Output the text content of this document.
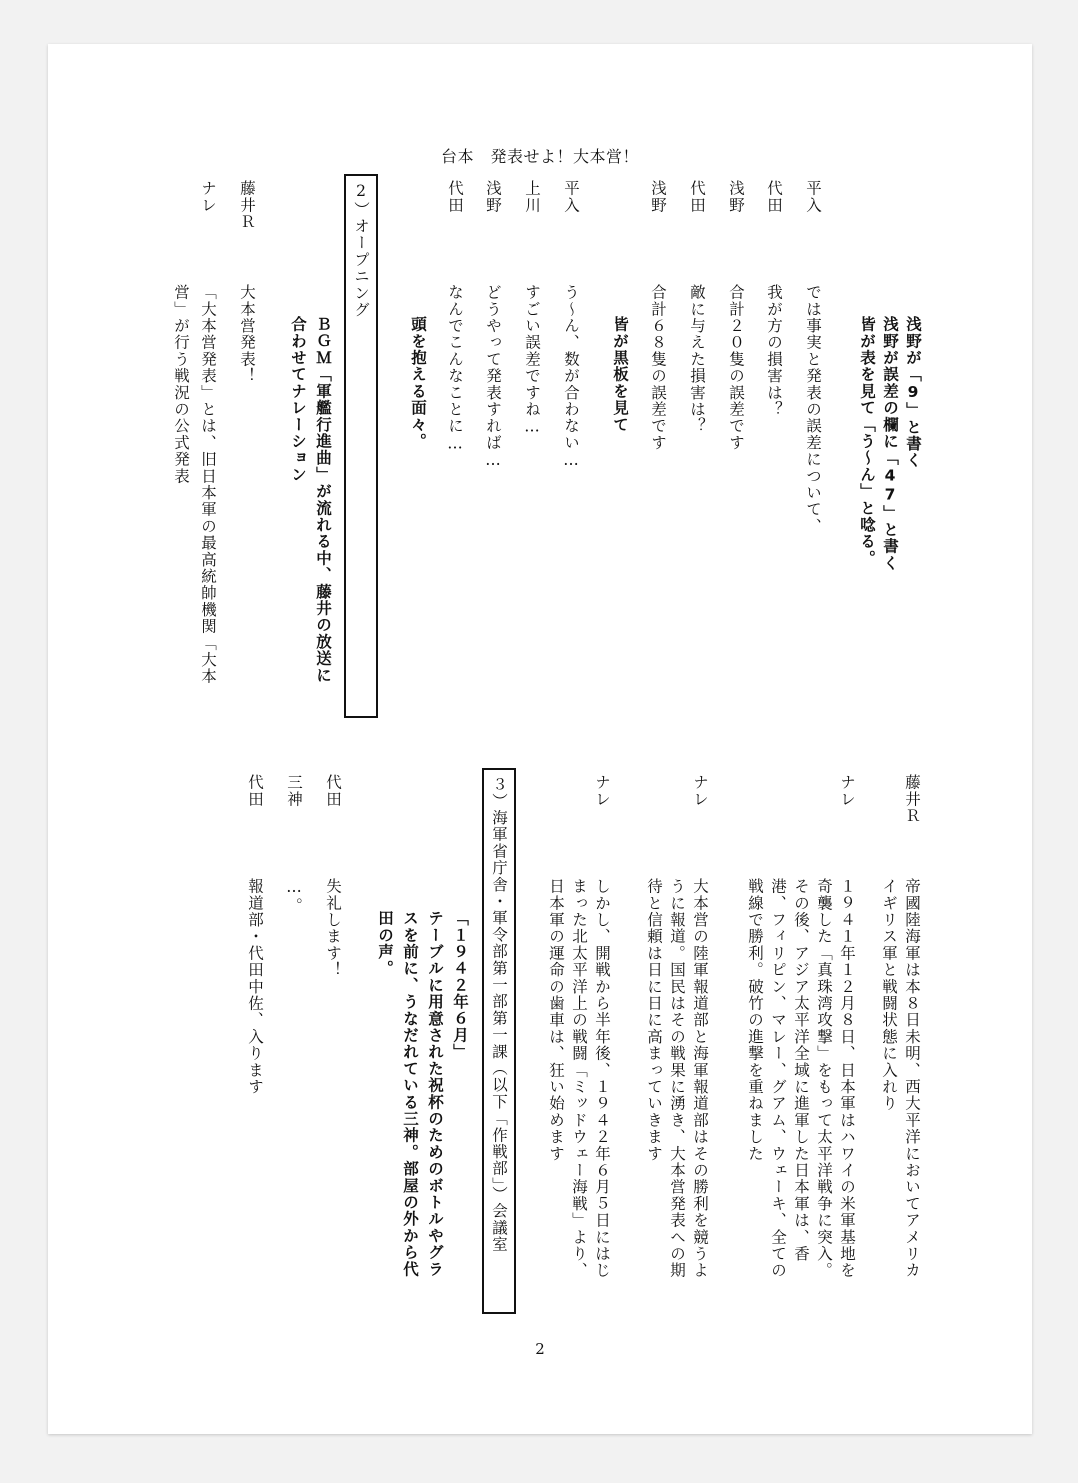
台本　発表せよ！大本営！
2
浅野が「9」と書く
浅野が誤差の欄に「47」と書く
皆が表を見て「う〜ん」と唸る。
平入
では事実と発表の誤差について、
代田
我が方の損害は？
浅野
合計２０隻の誤差です
代田
敵に与えた損害は？
浅野
合計６８隻の誤差です
皆が黒板を見て
平入
う〜ん、数が合わない…
上川
すごい誤差ですね…
浅野
どうやって発表すれば…
代田
なんでこんなことに…
頭を抱える面々。
2）オープニング
ＢＧＭ「軍艦行進曲」が流れる中、藤井の放送に
合わせてナレーション
藤井Ｒ
大本営発表！
ナレ
「大本営発表」とは、旧日本軍の最高統帥機関「大本
営」が行う戦況の公式発表
藤井Ｒ
帝國陸海軍は本８日未明、西大平洋においてアメリカ
イギリス軍と戦闘状態に入れり
ナレ
１９４１年１２月８日、日本軍はハワイの米軍基地を
奇襲した「真珠湾攻撃」をもって太平洋戦争に突入。
その後、アジア太平洋全域に進軍した日本軍は、香
港、フィリピン、マレー、グアム、ウェーキ、全ての
戦線で勝利。破竹の進撃を重ねました
ナレ
大本営の陸軍報道部と海軍報道部はその勝利を競うよ
うに報道。国民はその戦果に湧き、大本営発表への期
待と信頼は日に日に高まっていきます
ナレ
しかし、開戦から半年後、１９４２年６月５日にはじ
まった北太平洋上の戦闘「ミッドウェー海戦」より、
日本軍の運命の歯車は、狂い始めます
３）海軍省庁舎・軍令部第一部第一課（以下「作戦部」）会議室
「１９４２年６月」
テーブルに用意された祝杯のためのボトルやグラ
スを前に、うなだれている三神。部屋の外から代
田の声。
代田
失礼します！
三神
…。
代田
報道部・代田中佐、入ります
